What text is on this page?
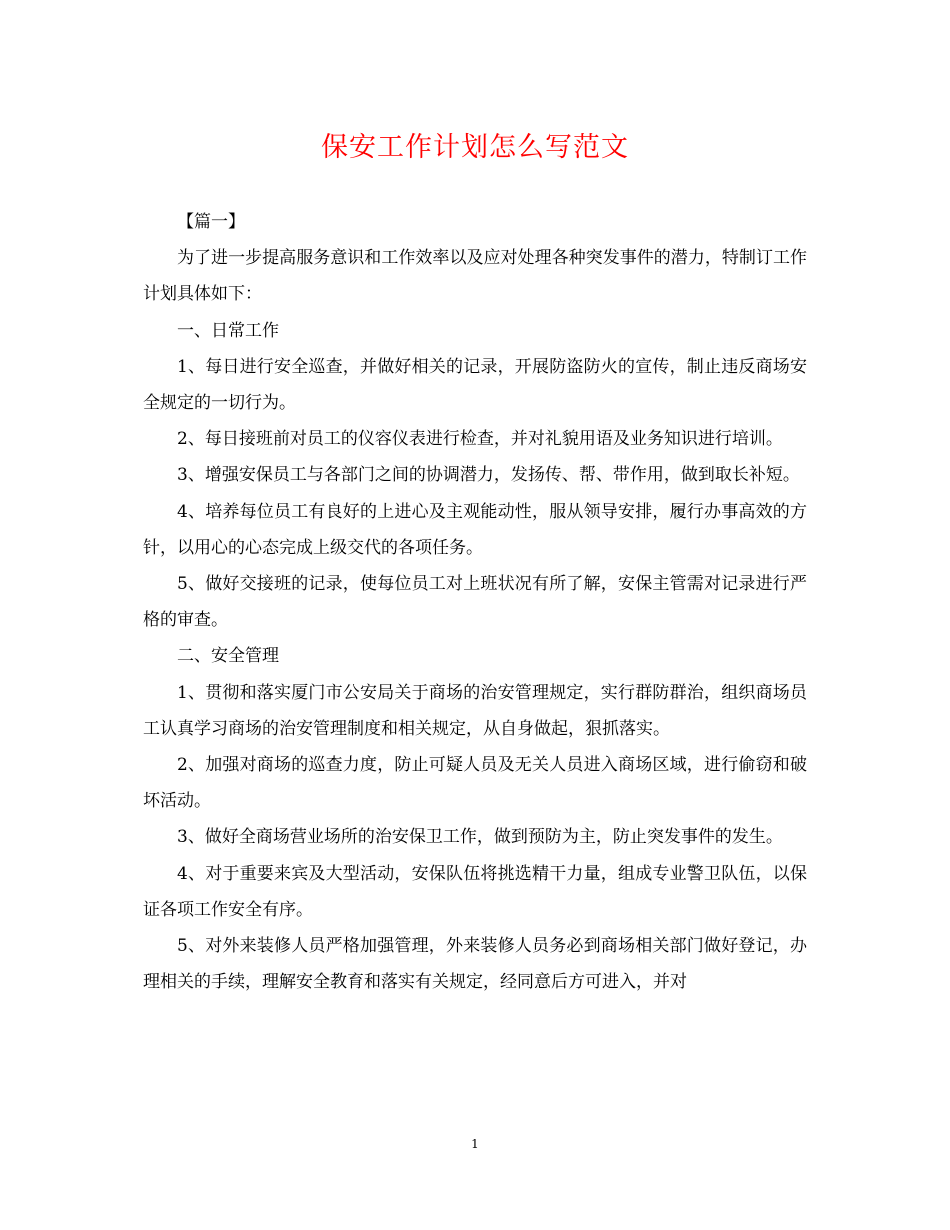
保安工作计划怎么写范文

【篇一】

为了进一步提高服务意识和工作效率以及应对处理各种突发事件的潜力，特制订工作计划具体如下：

一、日常工作

1、每日进行安全巡查，并做好相关的记录，开展防盗防火的宣传，制止违反商场安全规定的一切行为。

2、每日接班前对员工的仪容仪表进行检查，并对礼貌用语及业务知识进行培训。

3、增强安保员工与各部门之间的协调潜力，发扬传、帮、带作用，做到取长补短。

4、培养每位员工有良好的上进心及主观能动性，服从领导安排，履行办事高效的方针，以用心的心态完成上级交代的各项任务。

5、做好交接班的记录，使每位员工对上班状况有所了解，安保主管需对记录进行严格的审查。

二、安全管理

1、贯彻和落实厦门市公安局关于商场的治安管理规定，实行群防群治，组织商场员工认真学习商场的治安管理制度和相关规定，从自身做起，狠抓落实。

2、加强对商场的巡查力度，防止可疑人员及无关人员进入商场区域，进行偷窃和破坏活动。

3、做好全商场营业场所的治安保卫工作，做到预防为主，防止突发事件的发生。

4、对于重要来宾及大型活动，安保队伍将挑选精干力量，组成专业警卫队伍，以保证各项工作安全有序。

5、对外来装修人员严格加强管理，外来装修人员务必到商场相关部门做好登记，办理相关的手续，理解安全教育和落实有关规定，经同意后方可进入，并对

1
